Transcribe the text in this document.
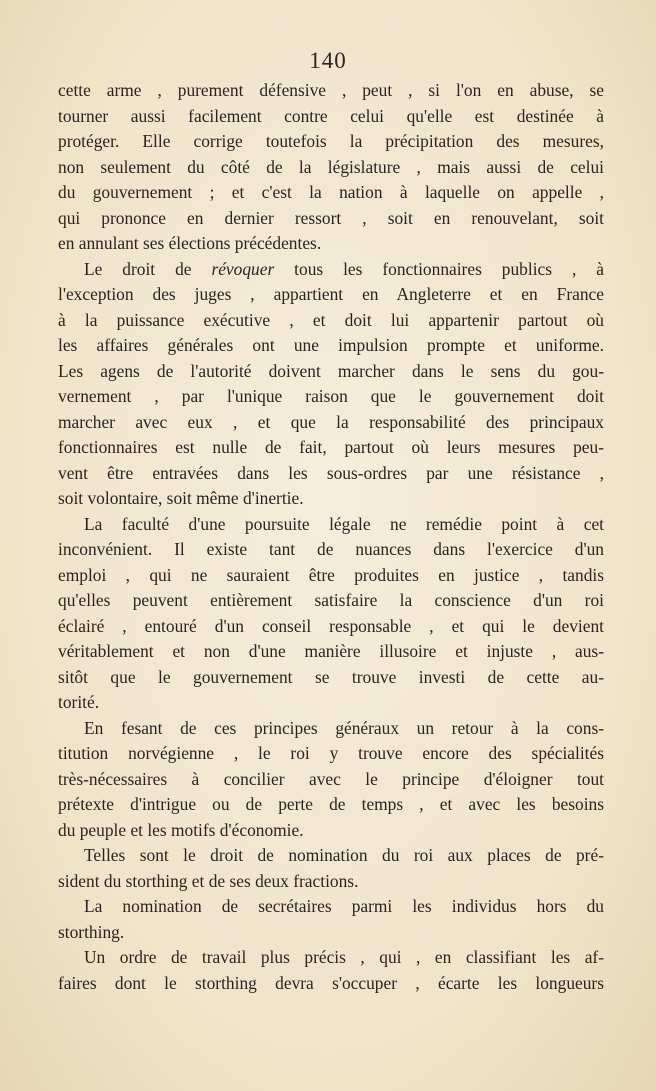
140
cette arme , purement défensive , peut , si l'on en abuse, se
tourner aussi facilement contre celui qu'elle est destinée à
protéger. Elle corrige toutefois la précipitation des mesures,
non seulement du côté de la législature , mais aussi de celui
du gouvernement ; et c'est la nation à laquelle on appelle ,
qui prononce en dernier ressort , soit en renouvelant, soit
en annulant ses élections précédentes.
Le droit de révoquer tous les fonctionnaires publics , à
l'exception des juges , appartient en Angleterre et en France
à la puissance exécutive , et doit lui appartenir partout où
les affaires générales ont une impulsion prompte et uniforme.
Les agens de l'autorité doivent marcher dans le sens du gou-
vernement , par l'unique raison que le gouvernement doit
marcher avec eux , et que la responsabilité des principaux
fonctionnaires est nulle de fait, partout où leurs mesures peu-
vent être entravées dans les sous-ordres par une résistance ,
soit volontaire, soit même d'inertie.
La faculté d'une poursuite légale ne remédie point à cet
inconvénient. Il existe tant de nuances dans l'exercice d'un
emploi , qui ne sauraient être produites en justice , tandis
qu'elles peuvent entièrement satisfaire la conscience d'un roi
éclairé , entouré d'un conseil responsable , et qui le devient
véritablement et non d'une manière illusoire et injuste , aus-
sitôt que le gouvernement se trouve investi de cette au-
torité.
En fesant de ces principes généraux un retour à la cons-
titution norvégienne , le roi y trouve encore des spécialités
très-nécessaires à concilier avec le principe d'éloigner tout
prétexte d'intrigue ou de perte de temps , et avec les besoins
du peuple et les motifs d'économie.
Telles sont le droit de nomination du roi aux places de pré-
sident du storthing et de ses deux fractions.
La nomination de secrétaires parmi les individus hors du
storthing.
Un ordre de travail plus précis , qui , en classifiant les af-
faires dont le storthing devra s'occuper , écarte les longueurs
